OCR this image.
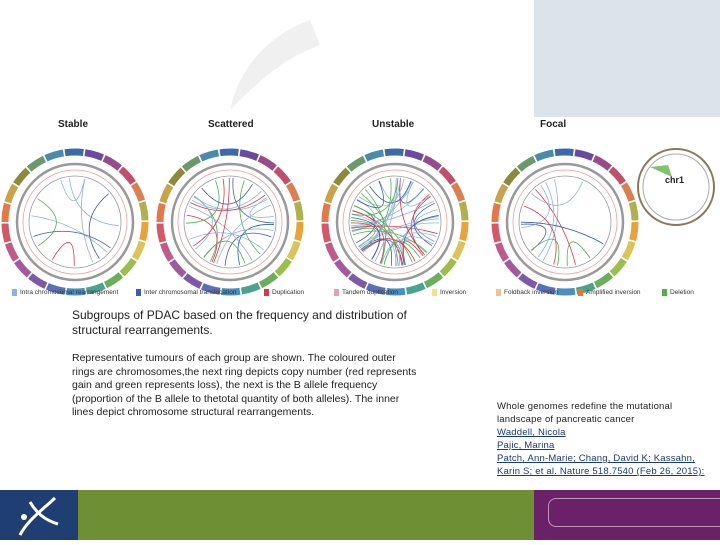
Stable	Scattered	Unstable	Focal
chr1
Intra chromosomal rearrangement	Inter chromosomal translocation	Duplication	Tandem duplication	Inversion	Foldback inversion	Amplified inversion	Deletion
Subgroups of PDAC based on the frequency and distribution of structural rearrangements.
Representative tumours of each group are shown. The coloured outer rings are chromosomes,the next ring depicts copy number (red represents gain and green represents loss), the next is the B allele frequency (proportion of the B allele to thetotal quantity of both alleles). The inner lines depict chromosome structural rearrangements.	Whole genomes redefine the mutational landscape of pancreatic cancer
Waddell, Nicola
Pajic, Marina
Patch, Ann-Marie; Chang, David K; Kassahn, Karin S; et al. Nature 518.7540 (Feb 26, 2015):
